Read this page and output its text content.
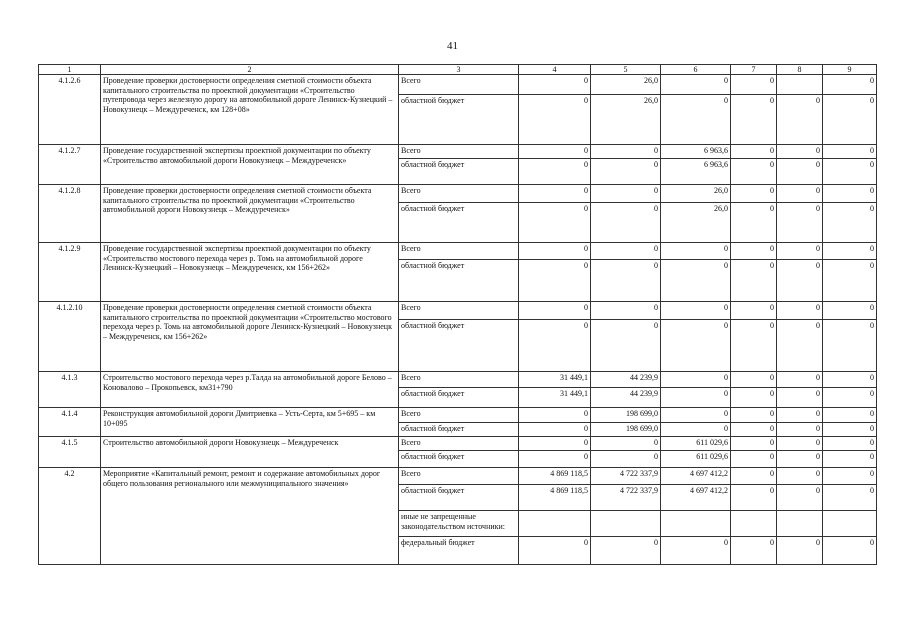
41
1	2	3	4	5	6	7	8	9
4.1.2.6	Проведение проверки достоверности определения сметной стоимости объекта капитального строительства по проектной документации «Строительство путепровода через железную дорогу на автомобильной дороге Ленинск-Кузнецкий – Новокузнецк – Междуреченск, км 128+08»	Всего	0	26,0	0	0		0
		областной бюджет	0	26,0	0	0	0	0
4.1.2.7	Проведение государственной экспертизы проектной документации по объекту «Строительство автомобильной дороги Новокузнецк – Междуреченск»	Всего	0	0	6 963,6	0	0	0
		областной бюджет	0	0	6 963,6	0	0	0
4.1.2.8	Проведение проверки достоверности определения сметной стоимости объекта капитального строительства по проектной документации «Строительство автомобильной дороги Новокузнецк – Междуреченск»	Всего	0	0	26,0	0	0	0
		областной бюджет	0	0	26,0	0	0	0
4.1.2.9	Проведение государственной экспертизы проектной документации по объекту «Строительство мостового перехода через р. Томь на автомобильной дороге Ленинск-Кузнецкий – Новокузнецк – Междуреченск, км 156+262»	Всего	0	0	0	0	0	0
		областной бюджет	0	0	0	0	0	0
4.1.2.10	Проведение проверки достоверности определения сметной стоимости объекта капитального строительства по проектной документации «Строительство мостового перехода через р. Томь на автомобильной дороге Ленинск-Кузнецкий – Новокузнецк – Междуреченск, км 156+262»	Всего	0	0	0	0	0	0
		областной бюджет	0	0	0	0	0	0
4.1.3	Строительство мостового перехода через р.Талда на автомобильной дороге Белово – Коновалово – Прокопьевск, км31+790	Всего	31 449,1	44 239,9	0	0	0	0
		областной бюджет	31 449,1	44 239,9	0	0	0	0
4.1.4	Реконструкция автомобильной дороги Дмитриевка – Усть-Серта, км 5+695 – км 10+095	Всего	0	198 699,0	0	0	0	0
		областной бюджет	0	198 699,0	0	0	0	0
4.1.5	Строительство автомобильной дороги Новокузнецк – Междуреченск	Всего	0	0	611 029,6	0	0	0
		областной бюджет	0	0	611 029,6	0	0	0
4.2	Мероприятие «Капитальный ремонт, ремонт и содержание автомобильных дорог общего пользования регионального или межмуниципального значения»	Всего	4 869 118,5	4 722 337,9	4 697 412,2	0	0	0
		областной бюджет	4 869 118,5	4 722 337,9	4 697 412,2	0	0	0
		иные не запрещенные законодательством источники:						
		федеральный бюджет	0	0	0	0	0	0
